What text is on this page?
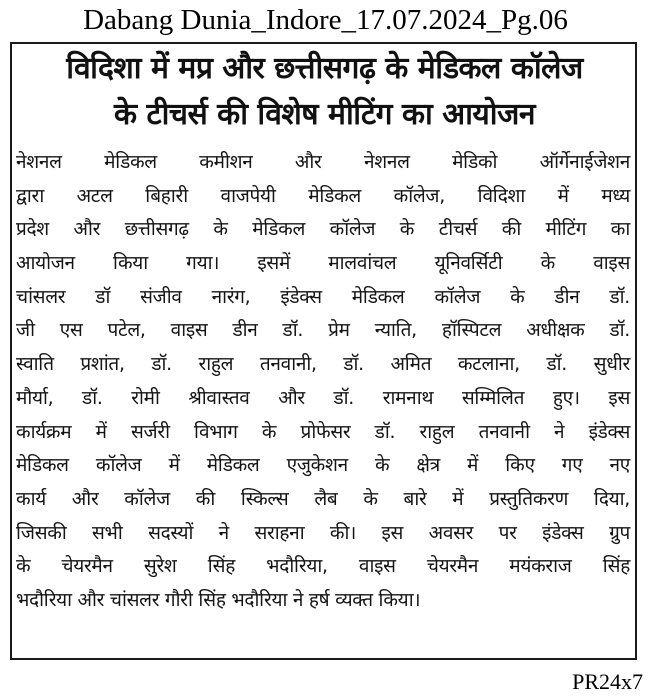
Dabang Dunia_Indore_17.07.2024_Pg.06
विदिशा में मप्र और छत्तीसगढ़ के मेडिकल कॉलेज
के टीचर्स की विशेष मीटिंग का आयोजन
नेशनल मेडिकल कमीशन और नेशनल मेडिको ऑर्गेनाईजेशन
द्वारा अटल बिहारी वाजपेयी मेडिकल कॉलेज, विदिशा में मध्य
प्रदेश और छत्तीसगढ़ के मेडिकल कॉलेज के टीचर्स की मीटिंग का
आयोजन किया गया। इसमें मालवांचल यूनिवर्सिटी के वाइस
चांसलर डॉ संजीव नारंग, इंडेक्स मेडिकल कॉलेज के डीन डॉ.
जी एस पटेल, वाइस डीन डॉ. प्रेम न्याति, हॉस्पिटल अधीक्षक डॉ.
स्वाति प्रशांत, डॉ. राहुल तनवानी, डॉ. अमित कटलाना, डॉ. सुधीर
मौर्या, डॉ. रोमी श्रीवास्तव और डॉ. रामनाथ सम्मिलित हुए। इस
कार्यक्रम में सर्जरी विभाग के प्रोफेसर डॉ. राहुल तनवानी ने इंडेक्स
मेडिकल कॉलेज में मेडिकल एजुकेशन के क्षेत्र में किए गए नए
कार्य और कॉलेज की स्किल्स लैब के बारे में प्रस्तुतिकरण दिया,
जिसकी सभी सदस्यों ने सराहना की। इस अवसर पर इंडेक्स ग्रुप
के चेयरमैन सुरेश सिंह भदौरिया, वाइस चेयरमैन मयंकराज सिंह
भदौरिया और चांसलर गौरी सिंह भदौरिया ने हर्ष व्यक्त किया।
PR24x7
